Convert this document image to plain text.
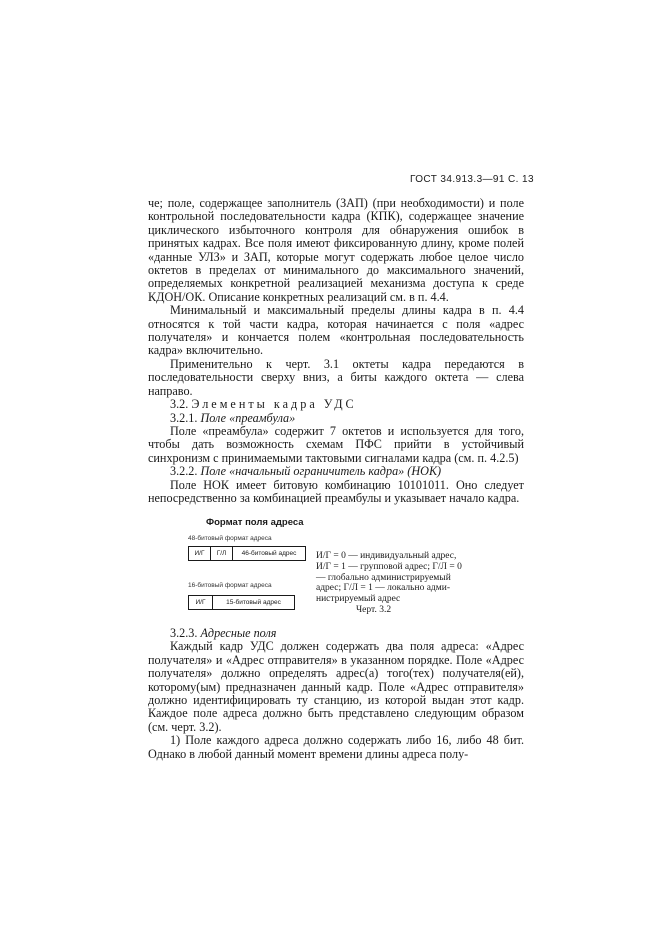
ГОСТ 34.913.3—91 С. 13

че; поле, содержащее заполнитель (ЗАП) (при необходимости) и поле контрольной последовательности кадра (КПК), содержащее значение циклического избыточного контроля для обнаружения ошибок в принятых кадрах. Все поля имеют фиксированную длину, кроме полей «данные УЛЗ» и ЗАП, которые могут содержать любое целое число октетов в пределах от минимального до максимального значений, определяемых конкретной реализацией механизма доступа к среде КДОН/ОК. Описание конкретных реализаций см. в п. 4.4.

Минимальный и максимальный пределы длины кадра в п. 4.4 относятся к той части кадра, которая начинается с поля «адрес получателя» и кончается полем «контрольная последовательность кадра» включительно.

Применительно к черт. 3.1 октеты кадра передаются в последовательности сверху вниз, а биты каждого октета — слева направо.

3.2. Элементы кадра УДС

3.2.1. Поле «преамбула»

Поле «преамбула» содержит 7 октетов и используется для того, чтобы дать возможность схемам ПФС прийти в устойчивый синхронизм с принимаемыми тактовыми сигналами кадра (см. п. 4.2.5)

3.2.2. Поле «начальный ограничитель кадра» (НОК)

Поле НОК имеет битовую комбинацию 10101011. Оно следует непосредственно за комбинацией преамбулы и указывает начало кадра.

Формат поля адреса
48-битовый формат адреса
И/Г	Г/Л	46-битовый адрес
16-битовый формат адреса
И/Г	15-битовый адрес

И/Г = 0 — индивидуальный адрес,

И/Г = 1 — групповой адрес; Г/Л = 0

— глобально администрируемый

адрес; Г/Л = 1 — локально адми-

нистрируемый адрес

Черт. 3.2

3.2.3. Адресные поля

Каждый кадр УДС должен содержать два поля адреса: «Адрес получателя» и «Адрес отправителя» в указанном порядке. Поле «Адрес получателя» должно определять адрес(а) того(тех) получателя(ей), которому(ым) предназначен данный кадр. Поле «Адрес отправителя» должно идентифицировать ту станцию, из которой выдан этот кадр. Каждое поле адреса должно быть представлено следующим образом (см. черт. 3.2).

1) Поле каждого адреса должно содержать либо 16, либо 48 бит. Однако в любой данный момент времени длины адреса полу-
